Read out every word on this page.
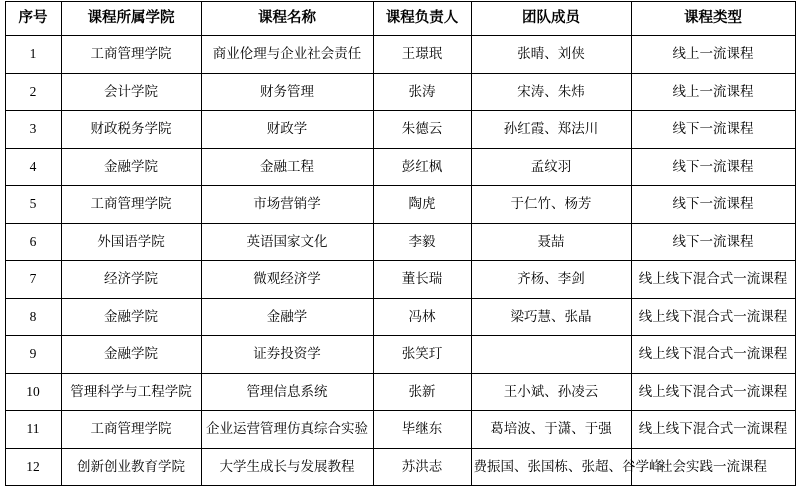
序号	课程所属学院	课程名称	课程负责人	团队成员	课程类型
1	工商管理学院	商业伦理与企业社会责任	王璟珉	张晴、刘侠	线上一流课程
2	会计学院	财务管理	张涛	宋涛、朱炜	线上一流课程
3	财政税务学院	财政学	朱德云	孙红霞、郑法川	线下一流课程
4	金融学院	金融工程	彭红枫	孟纹羽	线下一流课程
5	工商管理学院	市场营销学	陶虎	于仁竹、杨芳	线下一流课程
6	外国语学院	英语国家文化	李毅	聂喆	线下一流课程
7	经济学院	微观经济学	董长瑞	齐杨、李剑	线上线下混合式一流课程
8	金融学院	金融学	冯林	梁巧慧、张晶	线上线下混合式一流课程
9	金融学院	证券投资学	张笑玎		线上线下混合式一流课程
10	管理科学与工程学院	管理信息系统	张新	王小斌、孙凌云	线上线下混合式一流课程
11	工商管理学院	企业运营管理仿真综合实验	毕继东	葛培波、于潇、于强	线上线下混合式一流课程
12	创新创业教育学院	大学生成长与发展教程	苏洪志	费振国、张国栋、张超、谷学峰	社会实践一流课程
